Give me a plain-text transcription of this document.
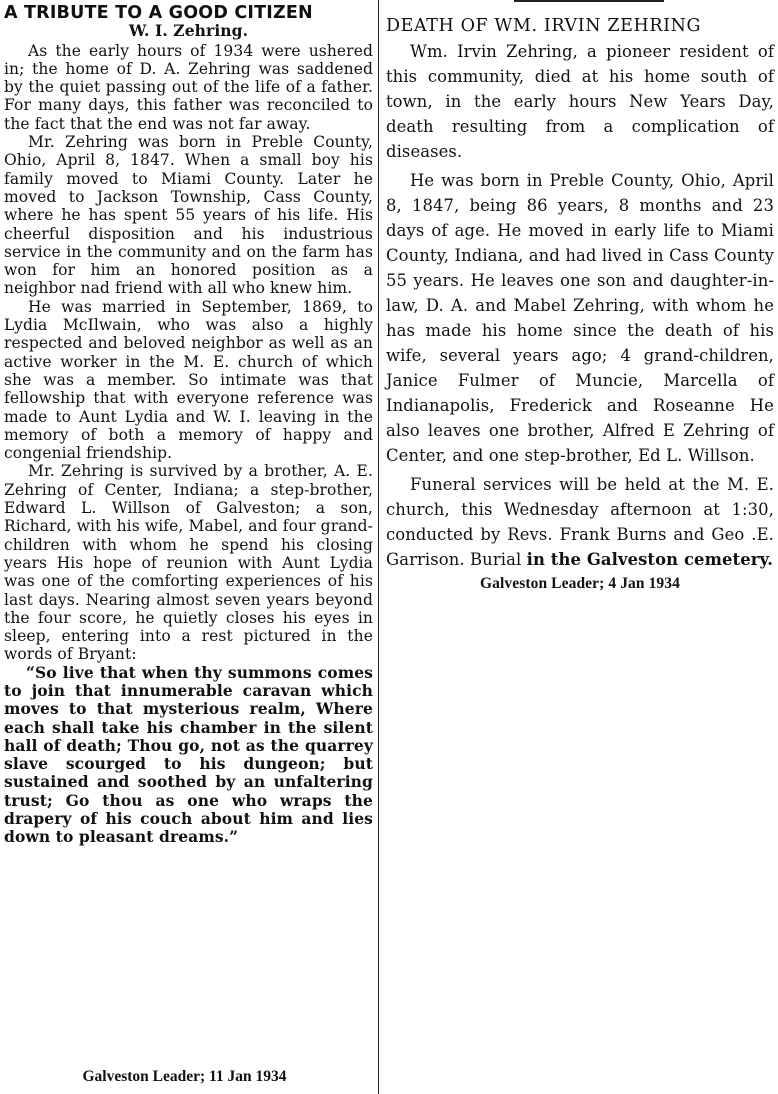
A TRIBUTE TO A GOOD CITIZEN
W. I. Zehring.

As the early hours of 1934 were ushered in; the home of D. A. Zehring was saddened by the quiet passing out of the life of a father. For many days, this father was reconciled to the fact that the end was not far away.

Mr. Zehring was born in Preble County, Ohio, April 8, 1847. When a small boy his family moved to Miami County. Later he moved to Jackson Township, Cass County, where he has spent 55 years of his life. His cheerful disposition and his industrious service in the community and on the farm has won for him an honored position as a neighbor nad friend with all who knew him.

He was married in September, 1869, to Lydia McIlwain, who was also a highly respected and beloved neighbor as well as an active worker in the M. E. church of which she was a member. So intimate was that fellowship that with everyone reference was made to Aunt Lydia and W. I. leaving in the memory of both a memory of happy and congenial friendship.

Mr. Zehring is survived by a brother, A. E. Zehring of Center, Indiana; a step-brother, Edward L. Willson of Galveston; a son, Richard, with his wife, Mabel, and four grand-children with whom he spend his closing years His hope of reunion with Aunt Lydia was one of the comforting experiences of his last days. Nearing almost seven years beyond the four score, he quietly closes his eyes in sleep, entering into a rest pictured in the words of Bryant:

“So live that when thy summons comes to join that innumerable caravan which moves to that mysterious realm, Where each shall take his chamber in the silent hall of death; Thou go, not as the quarrey slave scourged to his dungeon; but sustained and soothed by an unfaltering trust; Go thou as one who wraps the drapery of his couch about him and lies down to pleasant dreams.”

Galveston Leader; 11 Jan 1934
DEATH OF WM. IRVIN ZEHRING

Wm. Irvin Zehring, a pioneer resident of this community, died at his home south of town, in the early hours New Years Day, death resulting from a complication of diseases.

He was born in Preble County, Ohio, April 8, 1847, being 86 years, 8 months and 23 days of age. He moved in early life to Miami County, Indiana, and had lived in Cass County 55 years. He leaves one son and daughter-in-law, D. A. and Mabel Zehring, with whom he has made his home since the death of his wife, several years ago; 4 grand-children, Janice Fulmer of Muncie, Marcella of Indianapolis, Frederick and Roseanne He also leaves one brother, Alfred E Zehring of Center, and one step-brother, Ed L. Willson.

Funeral services will be held at the M. E. church, this Wednesday afternoon at 1:30, conducted by Revs. Frank Burns and Geo .E. Garrison. Burial in the Galveston cemetery.

Galveston Leader; 4 Jan 1934
